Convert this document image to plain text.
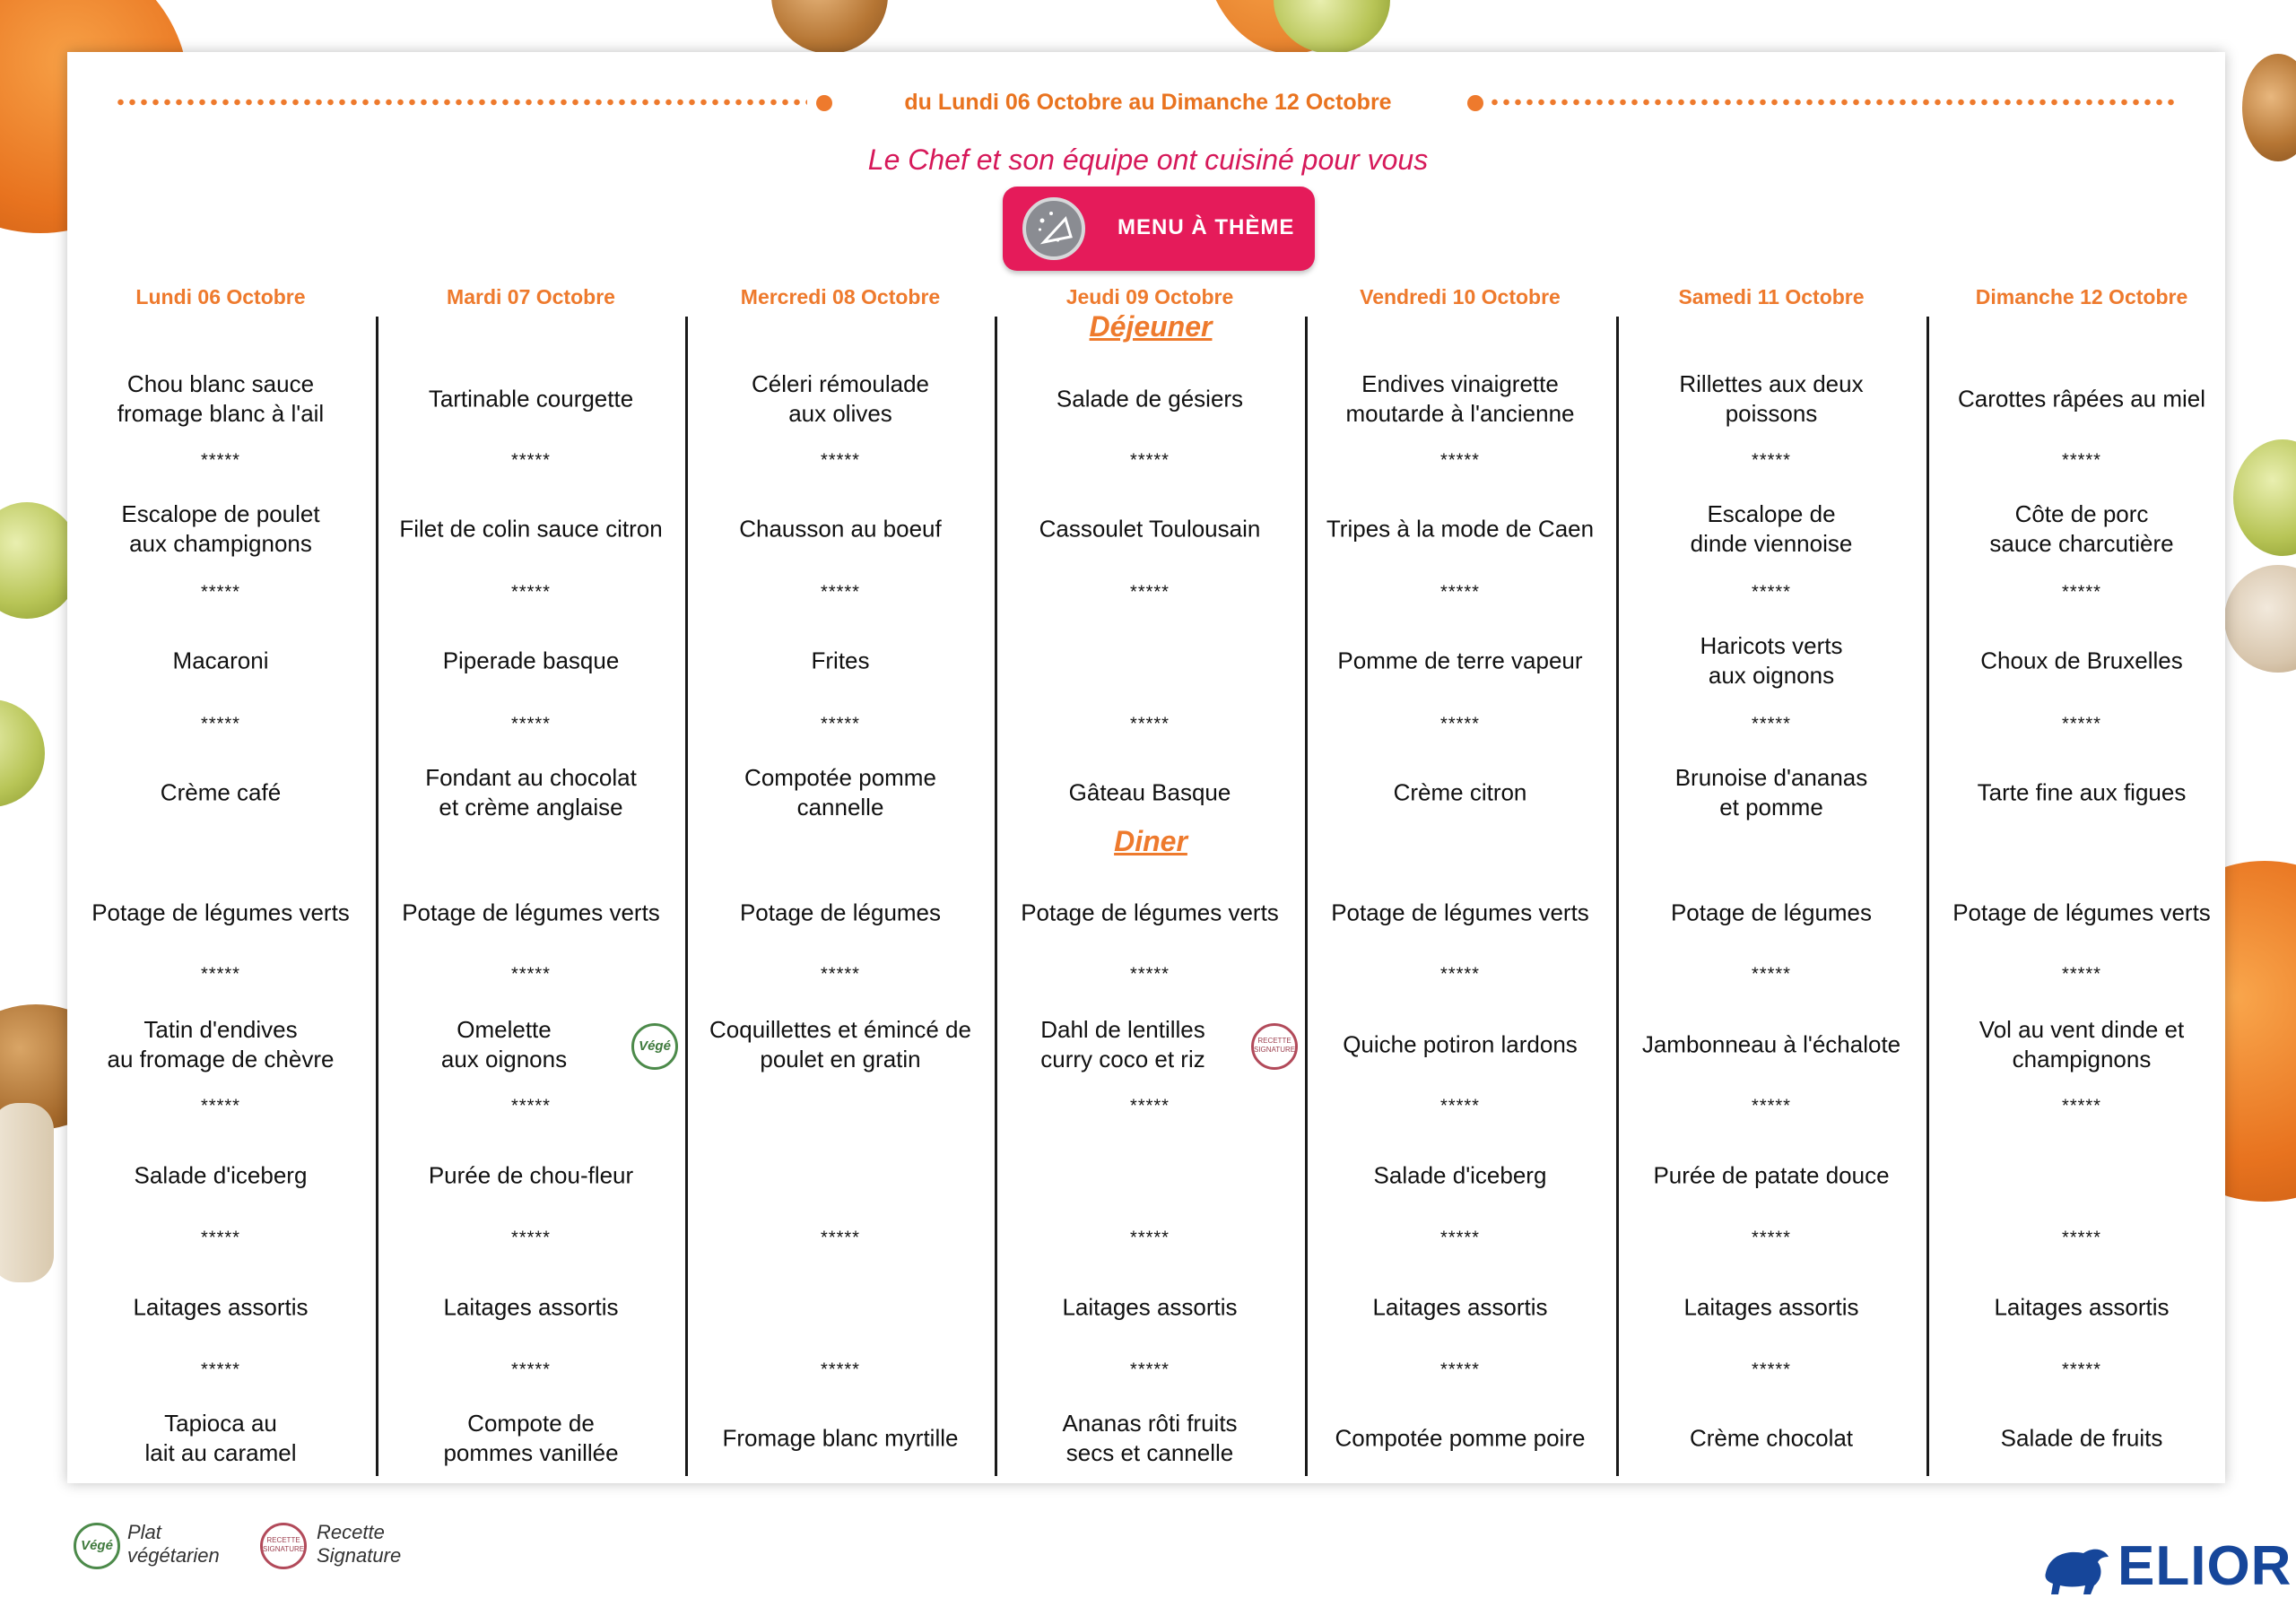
du Lundi 06 Octobre au Dimanche 12 Octobre
Le Chef et son équipe ont cuisiné pour vous
MENU À THÈME
Déjeuner
Diner
Lundi 06 Octobre
Chou blanc sauce
fromage blanc à l'ail
Escalope de poulet
aux champignons
Macaroni
Crème café
*****
*****
*****
Potage de légumes verts
Tatin d'endives
au fromage de chèvre
Salade d'iceberg
Laitages assortis
Tapioca au
lait au caramel
*****
*****
*****
*****
Mardi 07 Octobre
Tartinable courgette
Filet de colin sauce citron
Piperade basque
Fondant au chocolat
et crème anglaise
*****
*****
*****
Potage de légumes verts
Omelette
aux oignons
Purée de chou-fleur
Laitages assortis
Compote de
pommes vanillée
*****
*****
*****
*****
Mercredi 08 Octobre
Céleri rémoulade
aux olives
Chausson au boeuf
Frites
Compotée pomme
cannelle
*****
*****
*****
Potage de légumes
Coquillettes et émincé de
poulet en gratin
Fromage blanc myrtille
*****
*****
*****
Jeudi 09 Octobre
Salade de gésiers
Cassoulet Toulousain
Gâteau Basque
*****
*****
*****
Potage de légumes verts
Dahl de lentilles
curry coco et riz
Laitages assortis
Ananas rôti fruits
secs et cannelle
*****
*****
*****
*****
Vendredi 10 Octobre
Endives vinaigrette
moutarde à l'ancienne
Tripes à la mode de Caen
Pomme de terre vapeur
Crème citron
*****
*****
*****
Potage de légumes verts
Quiche potiron lardons
Salade d'iceberg
Laitages assortis
Compotée pomme poire
*****
*****
*****
*****
Samedi 11 Octobre
Rillettes aux deux
poissons
Escalope de
dinde viennoise
Haricots verts
aux oignons
Brunoise d'ananas
et pomme
*****
*****
*****
Potage de légumes
Jambonneau à l'échalote
Purée de patate douce
Laitages assortis
Crème chocolat
*****
*****
*****
*****
Dimanche 12 Octobre
Carottes râpées au miel
Côte de porc
sauce charcutière
Choux de Bruxelles
Tarte fine aux figues
*****
*****
*****
Potage de légumes verts
Vol au vent dinde et
champignons
Laitages assortis
Salade de fruits
*****
*****
*****
*****
Végé	RECETTE
SIGNATURE
Végé
Plat
végétarien
RECETTE
SIGNATURE
Recette
Signature	ELIOR
